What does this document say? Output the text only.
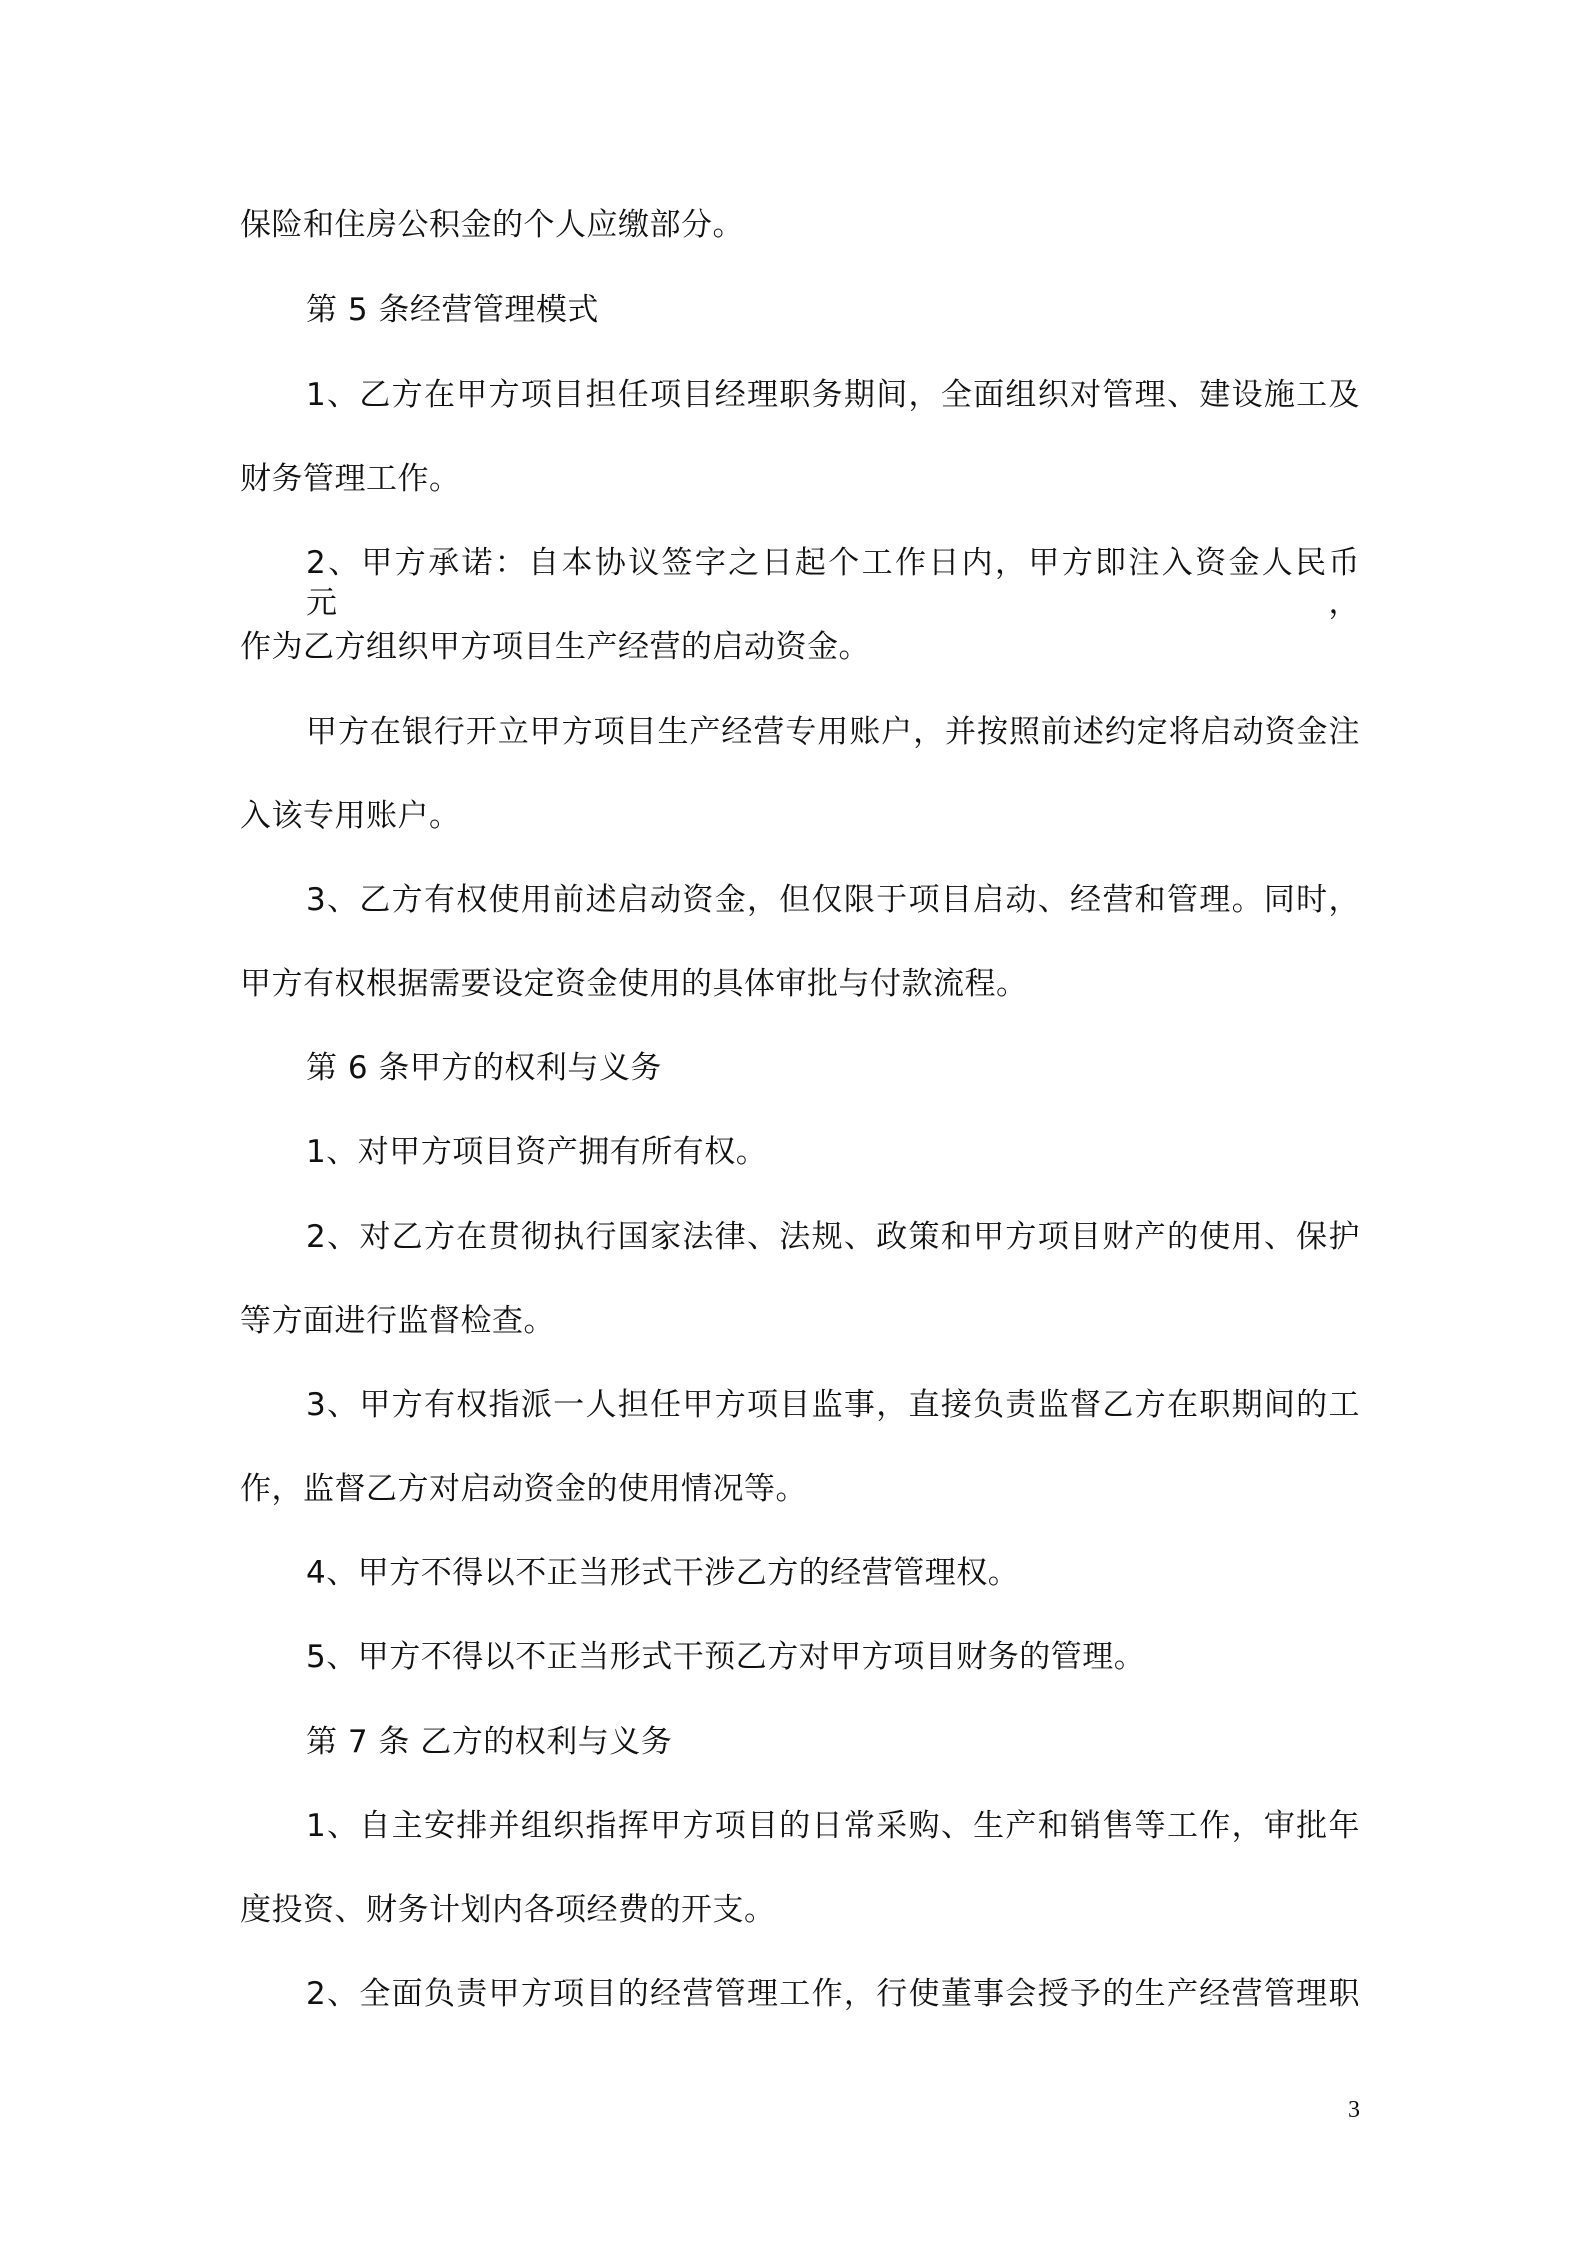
保险和住房公积金的个人应缴部分。
第 5 条经营管理模式
1、乙方在甲方项目担任项目经理职务期间，全面组织对管理、建设施工及
财务管理工作。
2、甲方承诺：自本协议签字之日起个工作日内，甲方即注入资金人民币元，
作为乙方组织甲方项目生产经营的启动资金。
甲方在银行开立甲方项目生产经营专用账户，并按照前述约定将启动资金注
入该专用账户。
3、乙方有权使用前述启动资金，但仅限于项目启动、经营和管理。同时，
甲方有权根据需要设定资金使用的具体审批与付款流程。
第 6 条甲方的权利与义务
1、对甲方项目资产拥有所有权。
2、对乙方在贯彻执行国家法律、法规、政策和甲方项目财产的使用、保护
等方面进行监督检查。
3、甲方有权指派一人担任甲方项目监事，直接负责监督乙方在职期间的工
作，监督乙方对启动资金的使用情况等。
4、甲方不得以不正当形式干涉乙方的经营管理权。
5、甲方不得以不正当形式干预乙方对甲方项目财务的管理。
第 7 条 乙方的权利与义务
1、自主安排并组织指挥甲方项目的日常采购、生产和销售等工作，审批年
度投资、财务计划内各项经费的开支。
2、全面负责甲方项目的经营管理工作，行使董事会授予的生产经营管理职
3
